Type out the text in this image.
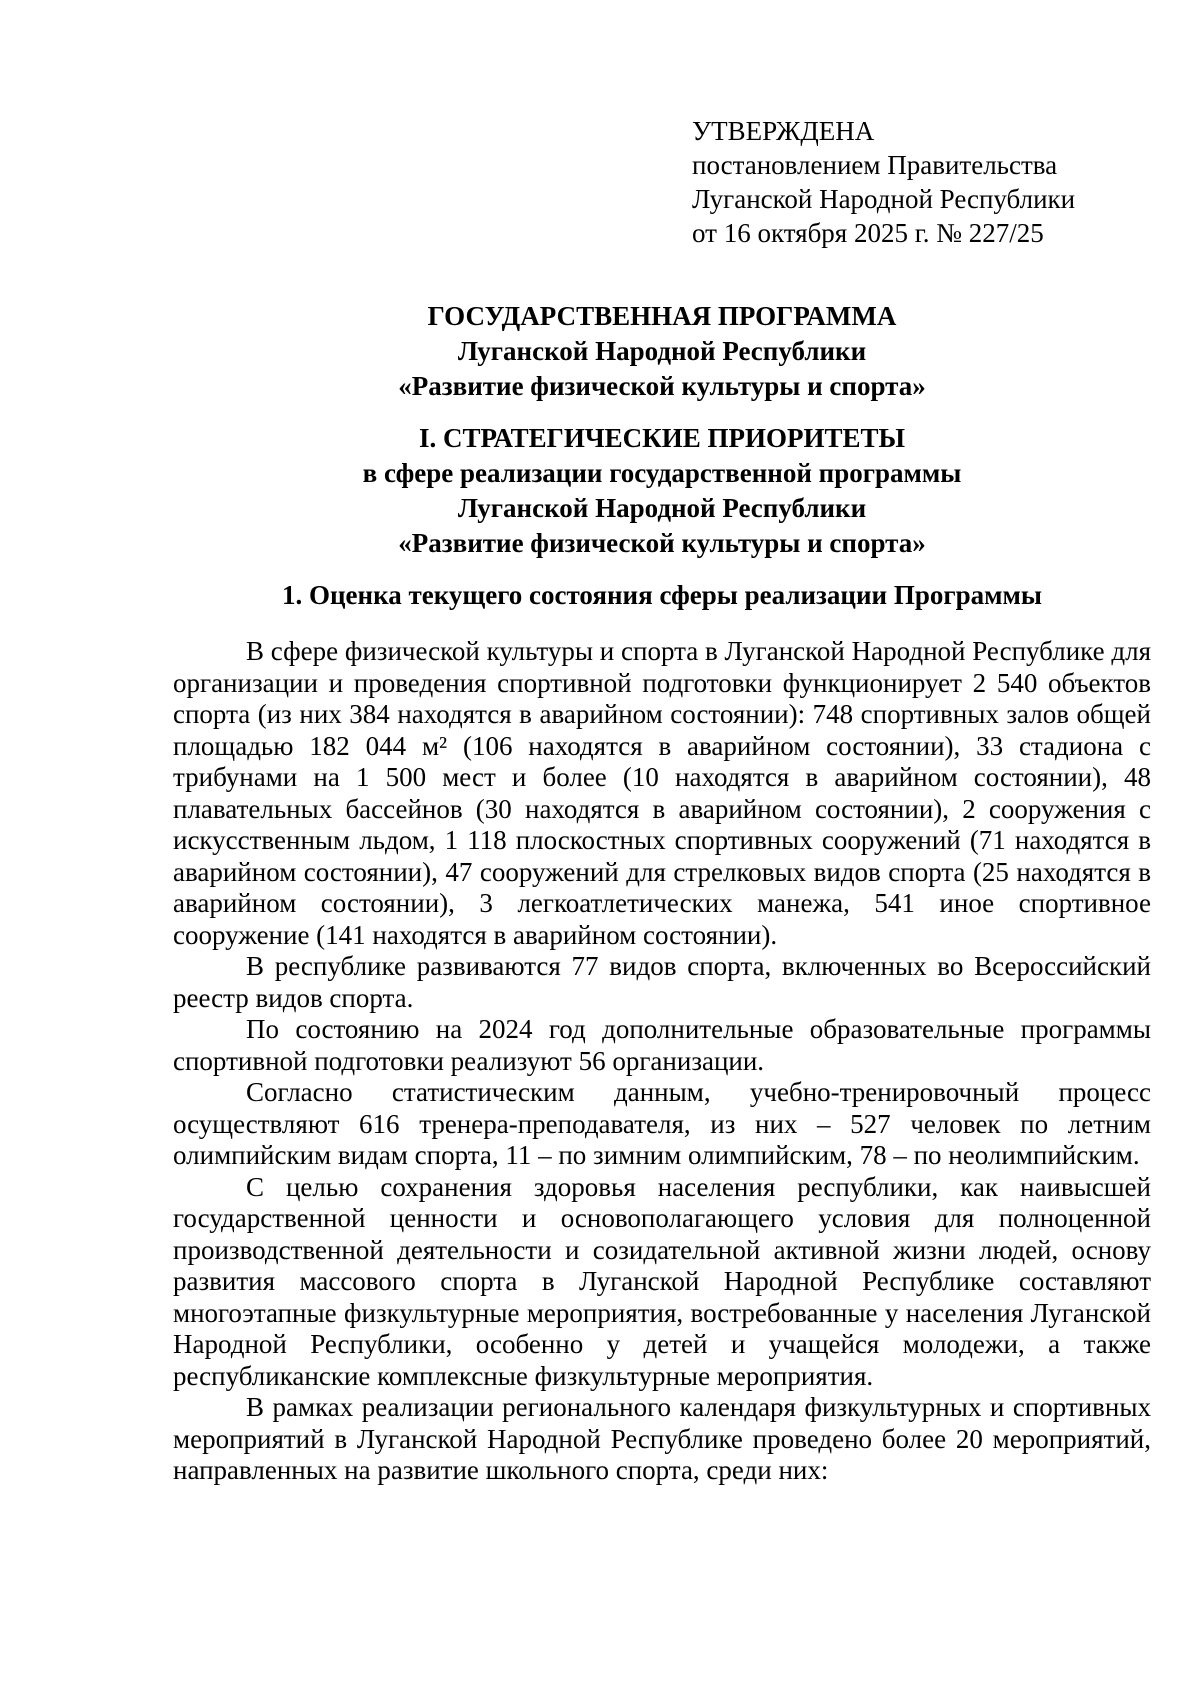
УТВЕРЖДЕНА
постановлением Правительства
Луганской Народной Республики
от 16 октября 2025 г. № 227/25
ГОСУДАРСТВЕННАЯ ПРОГРАММА
Луганской Народной Республики
«Развитие физической культуры и спорта»
I. СТРАТЕГИЧЕСКИЕ ПРИОРИТЕТЫ
в сфере реализации государственной программы
Луганской Народной Республики
«Развитие физической культуры и спорта»
1. Оценка текущего состояния сферы реализации Программы

В сфере физической культуры и спорта в Луганской Народной Республике для организации и проведения спортивной подготовки функционирует 2 540 объектов спорта (из них 384 находятся в аварийном состоянии): 748 спортивных залов общей площадью 182 044 м² (106 находятся в аварийном состоянии), 33 стадиона с трибунами на 1 500 мест и более (10 находятся в аварийном состоянии), 48 плавательных бассейнов (30 находятся в аварийном состоянии), 2 сооружения с искусственным льдом, 1 118 плоскостных спортивных сооружений (71 находятся в аварийном состоянии), 47 сооружений для стрелковых видов спорта (25 находятся в аварийном состоянии), 3 легкоатлетических манежа, 541 иное спортивное сооружение (141 находятся в аварийном состоянии).

В республике развиваются 77 видов спорта, включенных во Всероссийский реестр видов спорта.

По состоянию на 2024 год дополнительные образовательные программы спортивной подготовки реализуют 56 организации.

Согласно статистическим данным, учебно-тренировочный процесс осуществляют 616 тренера-преподавателя, из них – 527 человек по летним олимпийским видам спорта, 11 – по зимним олимпийским, 78 – по неолимпийским.

С целью сохранения здоровья населения республики, как наивысшей государственной ценности и основополагающего условия для полноценной производственной деятельности и созидательной активной жизни людей, основу развития массового спорта в Луганской Народной Республике составляют многоэтапные физкультурные мероприятия, востребованные у населения Луганской Народной Республики, особенно у детей и учащейся молодежи, а также республиканские комплексные физкультурные мероприятия.

В рамках реализации регионального календаря физкультурных и спортивных мероприятий в Луганской Народной Республике проведено более 20 мероприятий, направленных на развитие школьного спорта, среди них:
